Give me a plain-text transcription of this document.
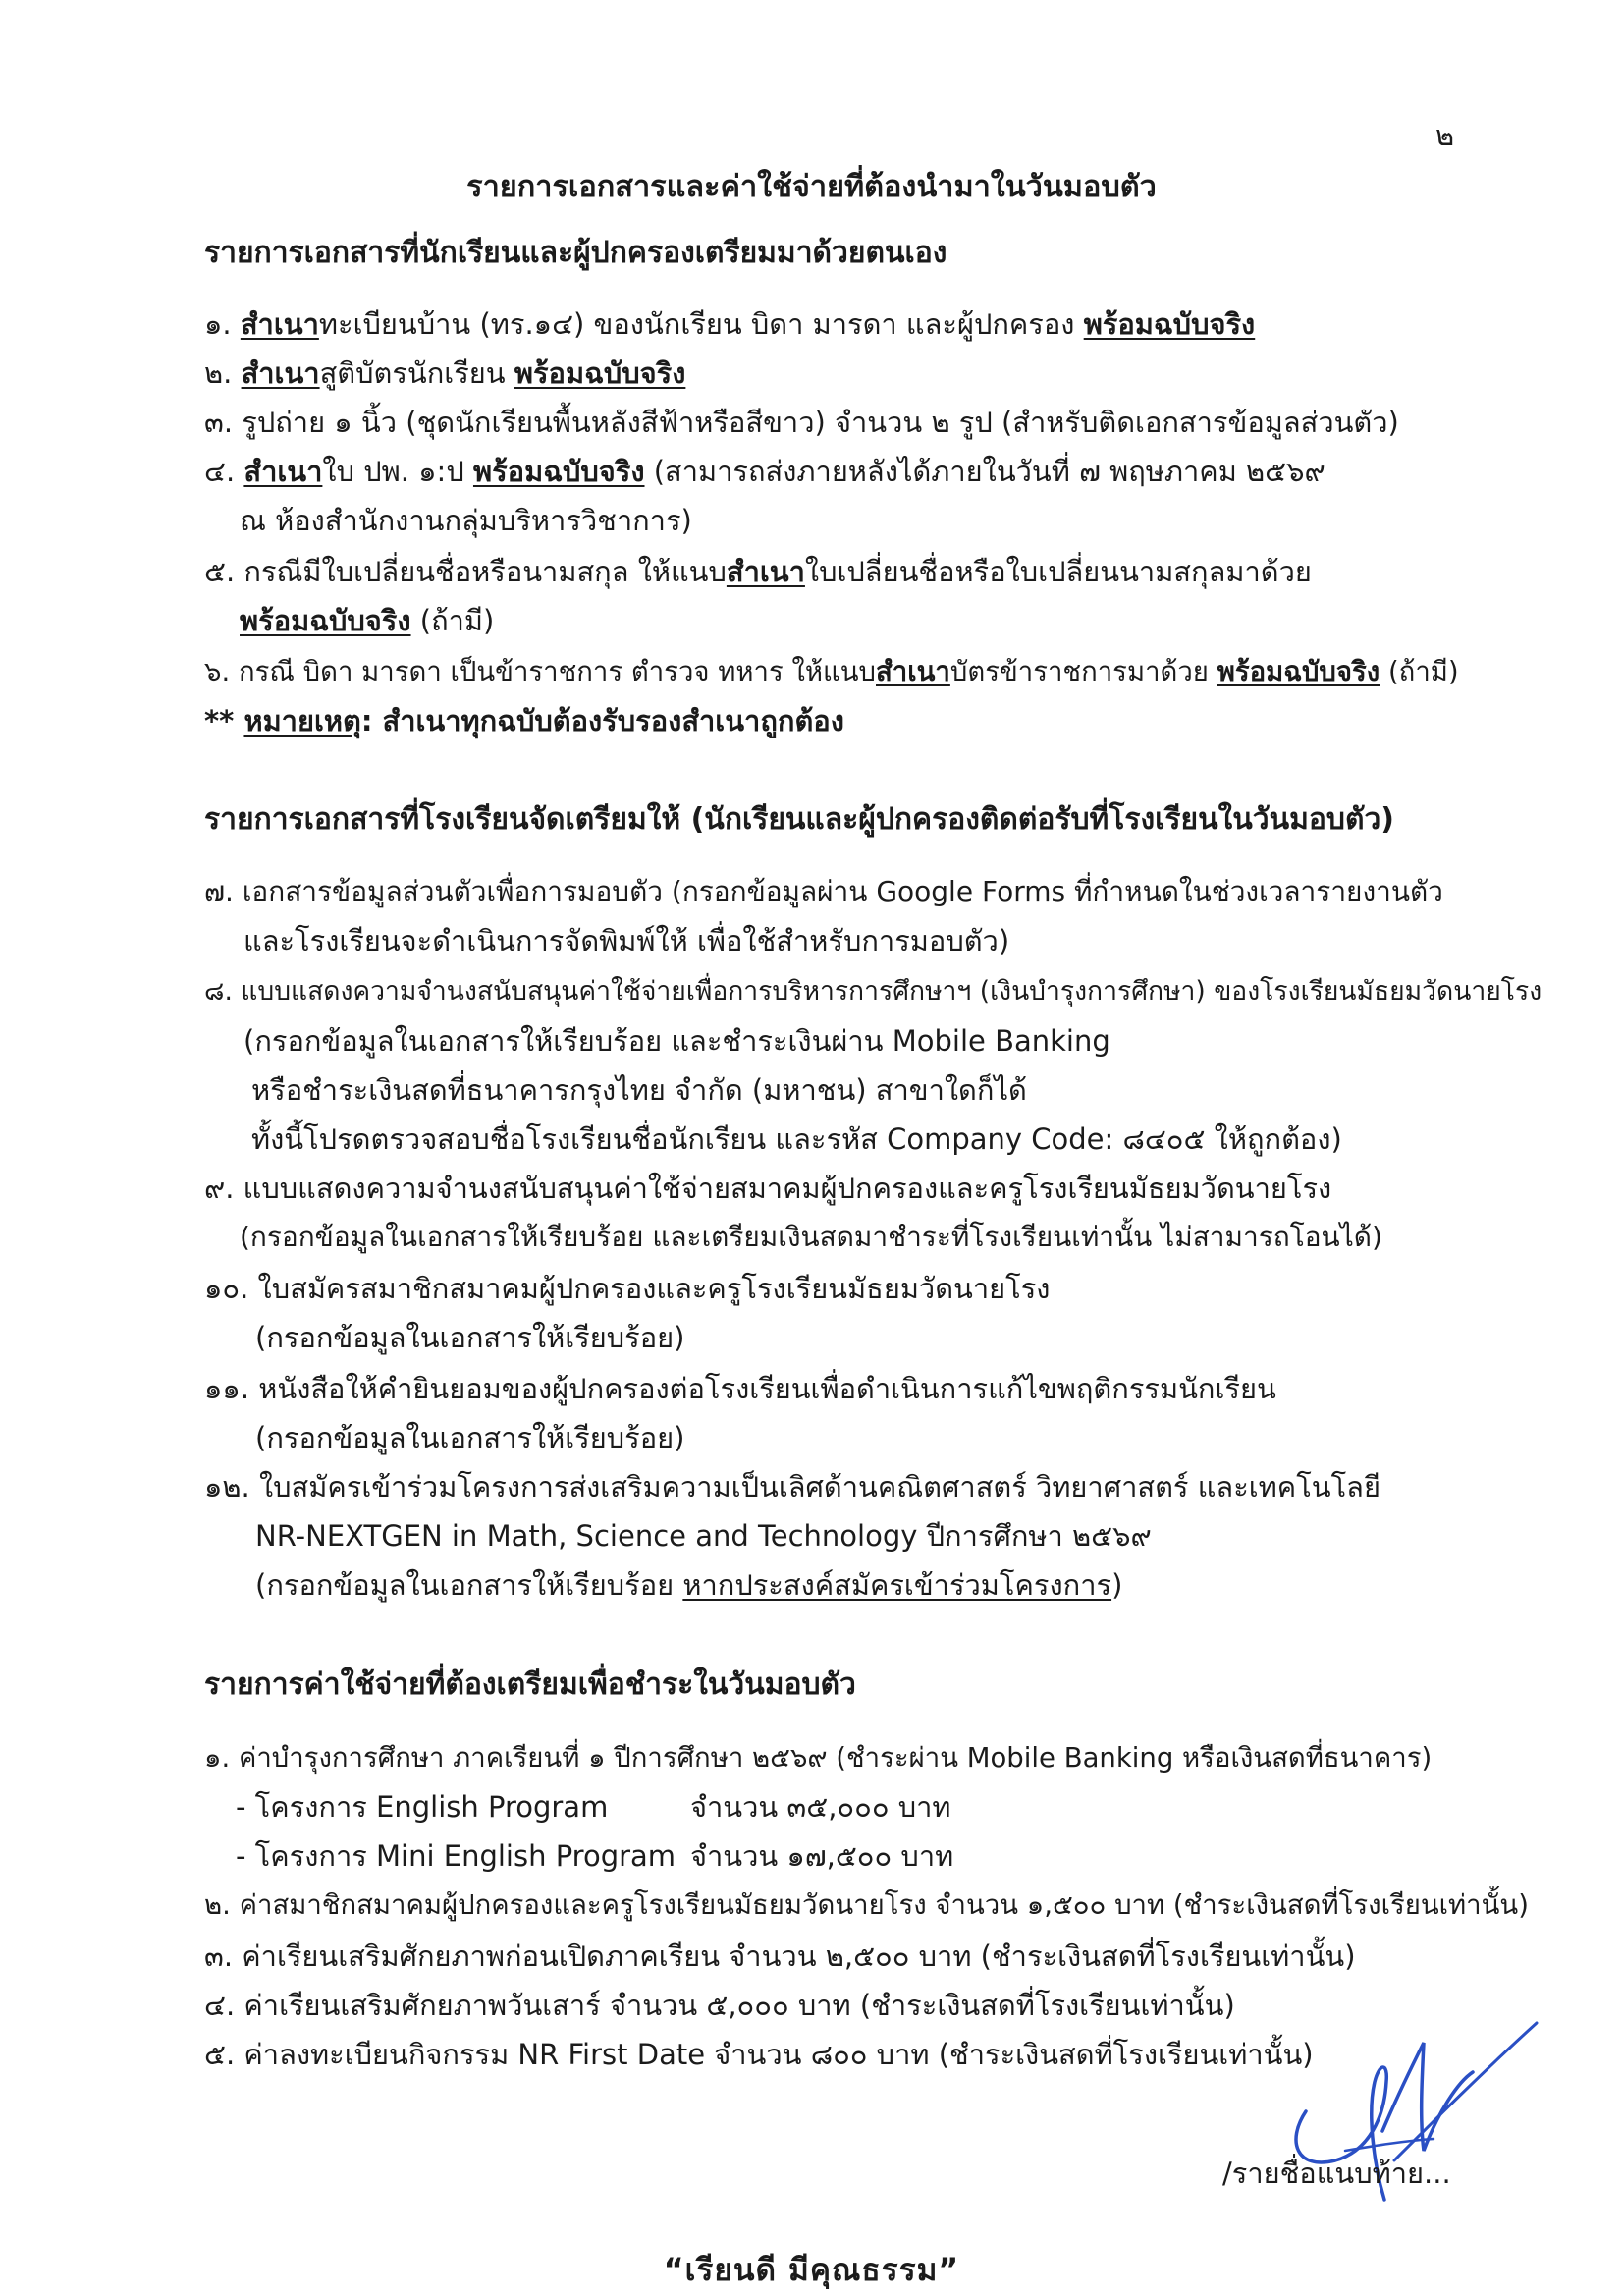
๒
รายการเอกสารและค่าใช้จ่ายที่ต้องนำมาในวันมอบตัว
รายการเอกสารที่นักเรียนและผู้ปกครองเตรียมมาด้วยตนเอง
๑. สำเนาทะเบียนบ้าน (ทร.๑๔) ของนักเรียน บิดา มารดา และผู้ปกครอง พร้อมฉบับจริง
๒. สำเนาสูติบัตรนักเรียน พร้อมฉบับจริง
๓. รูปถ่าย ๑ นิ้ว (ชุดนักเรียนพื้นหลังสีฟ้าหรือสีขาว) จำนวน ๒ รูป (สำหรับติดเอกสารข้อมูลส่วนตัว)
๔. สำเนาใบ ปพ. ๑:ป พร้อมฉบับจริง (สามารถส่งภายหลังได้ภายในวันที่ ๗ พฤษภาคม ๒๕๖๙
ณ ห้องสำนักงานกลุ่มบริหารวิชาการ)
๕. กรณีมีใบเปลี่ยนชื่อหรือนามสกุล ให้แนบสำเนาใบเปลี่ยนชื่อหรือใบเปลี่ยนนามสกุลมาด้วย
พร้อมฉบับจริง (ถ้ามี)
๖. กรณี บิดา มารดา เป็นข้าราชการ ตำรวจ ทหาร ให้แนบสำเนาบัตรข้าราชการมาด้วย พร้อมฉบับจริง (ถ้ามี)
** หมายเหตุ: สำเนาทุกฉบับต้องรับรองสำเนาถูกต้อง
รายการเอกสารที่โรงเรียนจัดเตรียมให้ (นักเรียนและผู้ปกครองติดต่อรับที่โรงเรียนในวันมอบตัว)
๗. เอกสารข้อมูลส่วนตัวเพื่อการมอบตัว (กรอกข้อมูลผ่าน Google Forms ที่กำหนดในช่วงเวลารายงานตัว
และโรงเรียนจะดำเนินการจัดพิมพ์ให้ เพื่อใช้สำหรับการมอบตัว)
๘. แบบแสดงความจำนงสนับสนุนค่าใช้จ่ายเพื่อการบริหารการศึกษาฯ (เงินบำรุงการศึกษา) ของโรงเรียนมัธยมวัดนายโรง
(กรอกข้อมูลในเอกสารให้เรียบร้อย และชำระเงินผ่าน Mobile Banking
หรือชำระเงินสดที่ธนาคารกรุงไทย จำกัด (มหาชน) สาขาใดก็ได้
ทั้งนี้โปรดตรวจสอบชื่อโรงเรียนชื่อนักเรียน และรหัส Company Code: ๘๔๐๕ ให้ถูกต้อง)
๙. แบบแสดงความจำนงสนับสนุนค่าใช้จ่ายสมาคมผู้ปกครองและครูโรงเรียนมัธยมวัดนายโรง
(กรอกข้อมูลในเอกสารให้เรียบร้อย และเตรียมเงินสดมาชำระที่โรงเรียนเท่านั้น ไม่สามารถโอนได้)
๑๐. ใบสมัครสมาชิกสมาคมผู้ปกครองและครูโรงเรียนมัธยมวัดนายโรง
(กรอกข้อมูลในเอกสารให้เรียบร้อย)
๑๑. หนังสือให้คำยินยอมของผู้ปกครองต่อโรงเรียนเพื่อดำเนินการแก้ไขพฤติกรรมนักเรียน
(กรอกข้อมูลในเอกสารให้เรียบร้อย)
๑๒. ใบสมัครเข้าร่วมโครงการส่งเสริมความเป็นเลิศด้านคณิตศาสตร์ วิทยาศาสตร์ และเทคโนโลยี
NR-NEXTGEN in Math, Science and Technology ปีการศึกษา ๒๕๖๙
(กรอกข้อมูลในเอกสารให้เรียบร้อย หากประสงค์สมัครเข้าร่วมโครงการ)
รายการค่าใช้จ่ายที่ต้องเตรียมเพื่อชำระในวันมอบตัว
๑. ค่าบำรุงการศึกษา ภาคเรียนที่ ๑ ปีการศึกษา ๒๕๖๙ (ชำระผ่าน Mobile Banking หรือเงินสดที่ธนาคาร)
- โครงการ English Program	จำนวน ๓๕,๐๐๐ บาท
- โครงการ Mini English Program จำนวน ๑๗,๕๐๐ บาท
๒. ค่าสมาชิกสมาคมผู้ปกครองและครูโรงเรียนมัธยมวัดนายโรง จำนวน ๑,๕๐๐ บาท (ชำระเงินสดที่โรงเรียนเท่านั้น)
๓. ค่าเรียนเสริมศักยภาพก่อนเปิดภาคเรียน จำนวน ๒,๕๐๐ บาท (ชำระเงินสดที่โรงเรียนเท่านั้น)
๔. ค่าเรียนเสริมศักยภาพวันเสาร์ จำนวน ๕,๐๐๐ บาท (ชำระเงินสดที่โรงเรียนเท่านั้น)
๕. ค่าลงทะเบียนกิจกรรม NR First Date จำนวน ๘๐๐ บาท (ชำระเงินสดที่โรงเรียนเท่านั้น)
/รายชื่อแนบท้าย...
“เรียนดี มีคุณธรรม”
